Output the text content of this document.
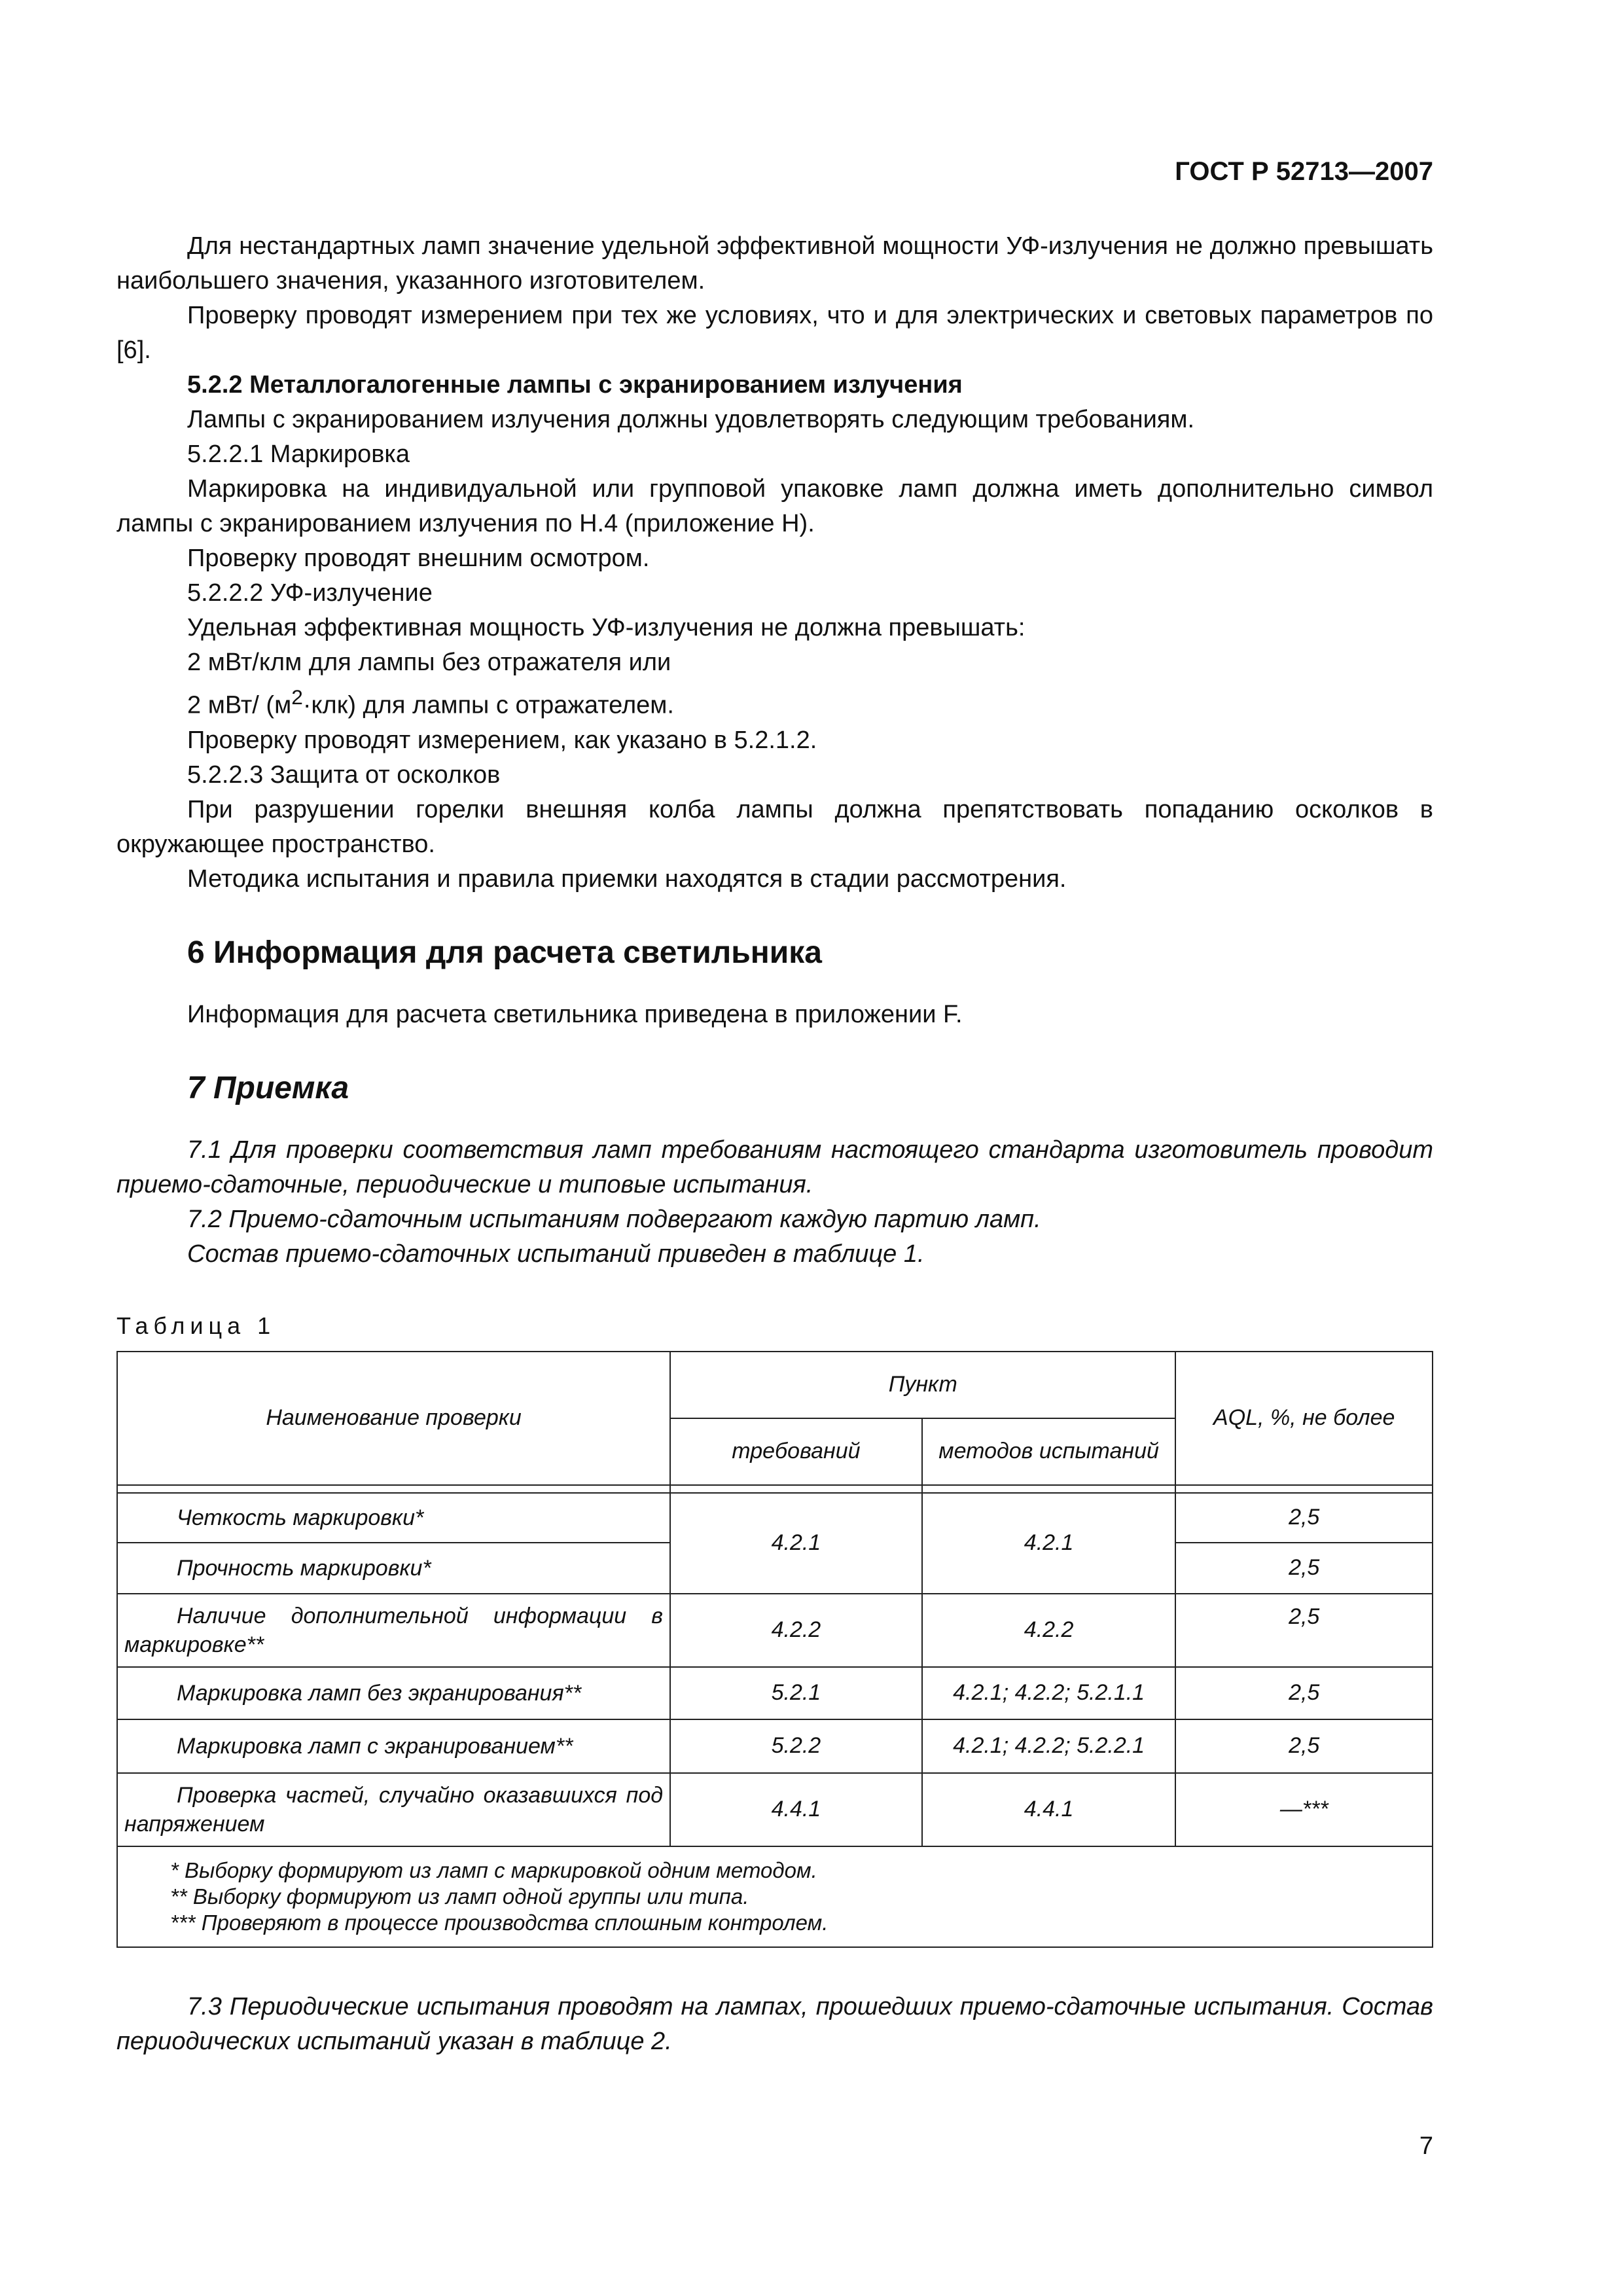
ГОСТ Р 52713—2007

Для нестандартных ламп значение удельной эффективной мощности УФ-излучения не должно превышать наибольшего значения, указанного изготовителем.

Проверку проводят измерением при тех же условиях, что и для электрических и световых параметров по [6].

5.2.2 Металлогалогенные лампы с экранированием излучения

Лампы с экранированием излучения должны удовлетворять следующим требованиям.

5.2.2.1 Маркировка

Маркировка на индивидуальной или групповой упаковке ламп должна иметь дополнительно символ лампы с экранированием излучения по Н.4 (приложение Н).

Проверку проводят внешним осмотром.

5.2.2.2 УФ-излучение

Удельная эффективная мощность УФ-излучения не должна превышать:

2 мВт/клм для лампы без отражателя или

2 мВт/ $(м^2\cdot клк)$ для лампы с отражателем.

Проверку проводят измерением, как указано в 5.2.1.2.

5.2.2.3 Защита от осколков

При разрушении горелки внешняя колба лампы должна препятствовать попаданию осколков в окружающее пространство.

Методика испытания и правила приемки находятся в стадии рассмотрения.

6 Информация для расчета светильника

Информация для расчета светильника приведена в приложении F.

7 Приемка

7.1 Для проверки соответствия ламп требованиям настоящего стандарта изготовитель проводит приемо-сдаточные, периодические и типовые испытания.

7.2 Приемо-сдаточным испытаниям подвергают каждую партию ламп.

Состав приемо-сдаточных испытаний приведен в таблице 1.

Таблица 1

Наименование проверки	Пункт		AQL, %, не более
	требований	методов испытаний	

Четкость маркировки*	4.2.1	4.2.1	2,5

Прочность маркировки*			2,5

Наличие дополнительной информации в маркировке**	4.2.2	4.2.2	2,5

Маркировка ламп без экранирования**	5.2.1	4.2.1; 4.2.2; 5.2.1.1	2,5

Маркировка ламп с экранированием**	5.2.2	4.2.1; 4.2.2; 5.2.2.1	2,5

Проверка частей, случайно оказавшихся под напряжением	4.4.1	4.4.1	—***

* Выборку формируют из ламп с маркировкой одним методом.
** Выборку формируют из ламп одной группы или типа.
*** Проверяют в процессе производства сплошным контролем.			

7.3 Периодические испытания проводят на лампах, прошедших приемо-сдаточные испытания. Состав периодических испытаний указан в таблице 2.

7
